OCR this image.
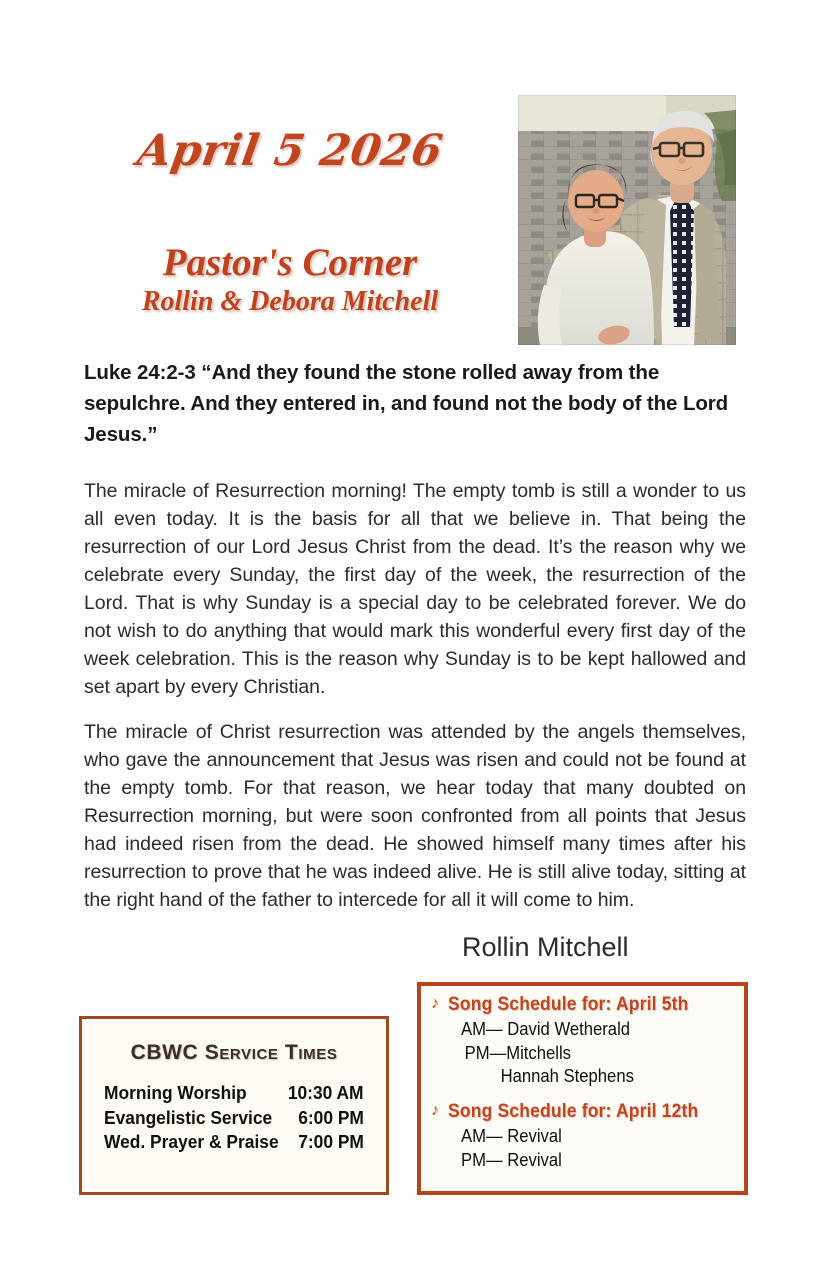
April 5 2026
Pastor's Corner
Rollin & Debora Mitchell
Luke 24:2-3 “And they found the stone rolled away from the sepulchre. And they entered in, and found not the body of the Lord Jesus.”

The miracle of Resurrection morning! The empty tomb is still a wonder to us all even today. It is the basis for all that we believe in. That being the resurrection of our Lord Jesus Christ from the dead. It’s the reason why we celebrate every Sunday, the first day of the week, the resurrection of the Lord. That is why Sunday is a special day to be celebrated forever. We do not wish to do anything that would mark this wonderful every first day of the week celebration. This is the reason why Sunday is to be kept hallowed and set apart by every Christian.

The miracle of Christ resurrection was attended by the angels themselves, who gave the announcement that Jesus was risen and could not be found at the empty tomb. For that reason, we hear today that many doubted on Resurrection morning, but were soon confronted from all points that Jesus had indeed risen from the dead. He showed himself many times after his resurrection to prove that he was indeed alive. He is still alive today, sitting at the right hand of the father to intercede for all it will come to him.

Rollin Mitchell
♪ Song Schedule for: April 5th
AM— David Wetherald
PM—Mitchells
Hannah Stephens
♪ Song Schedule for: April 12th
AM— Revival
PM— Revival
CBWC Service Times
Morning Worship 10:30 AM
Evangelistic Service 6:00 PM
Wed. Prayer & Praise 7:00 PM
